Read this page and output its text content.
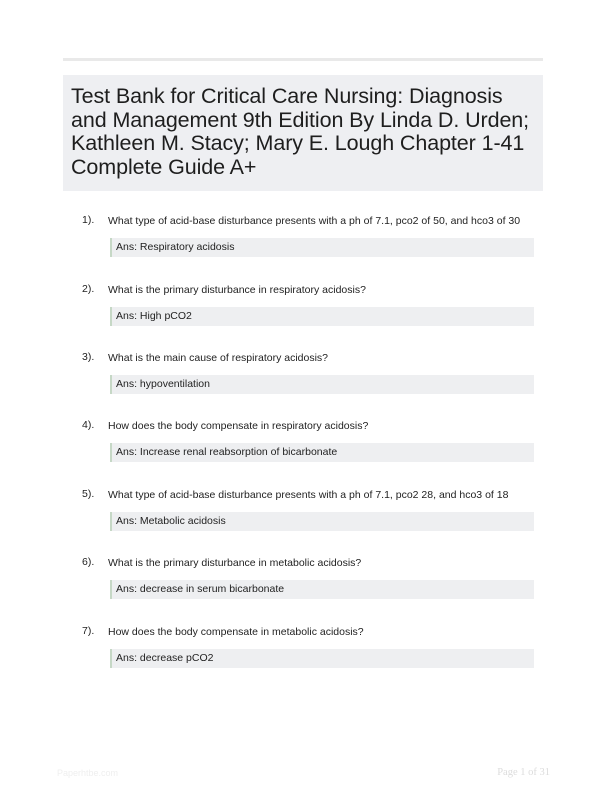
Test Bank for Critical Care Nursing: Diagnosis and Management 9th Edition By Linda D. Urden; Kathleen M. Stacy; Mary E. Lough Chapter 1-41 Complete Guide A+
1). What type of acid-base disturbance presents with a ph of 7.1, pco2 of 50, and hco3 of 30
Ans: Respiratory acidosis
2). What is the primary disturbance in respiratory acidosis?
Ans: High pCO2
3). What is the main cause of respiratory acidosis?
Ans: hypoventilation
4). How does the body compensate in respiratory acidosis?
Ans: Increase renal reabsorption of bicarbonate
5). What type of acid-base disturbance presents with a ph of 7.1, pco2 28, and hco3 of 18
Ans: Metabolic acidosis
6). What is the primary disturbance in metabolic acidosis?
Ans: decrease in serum bicarbonate
7). How does the body compensate in metabolic acidosis?
Ans: decrease pCO2
Paperhtbe.com	Page 1 of 31
